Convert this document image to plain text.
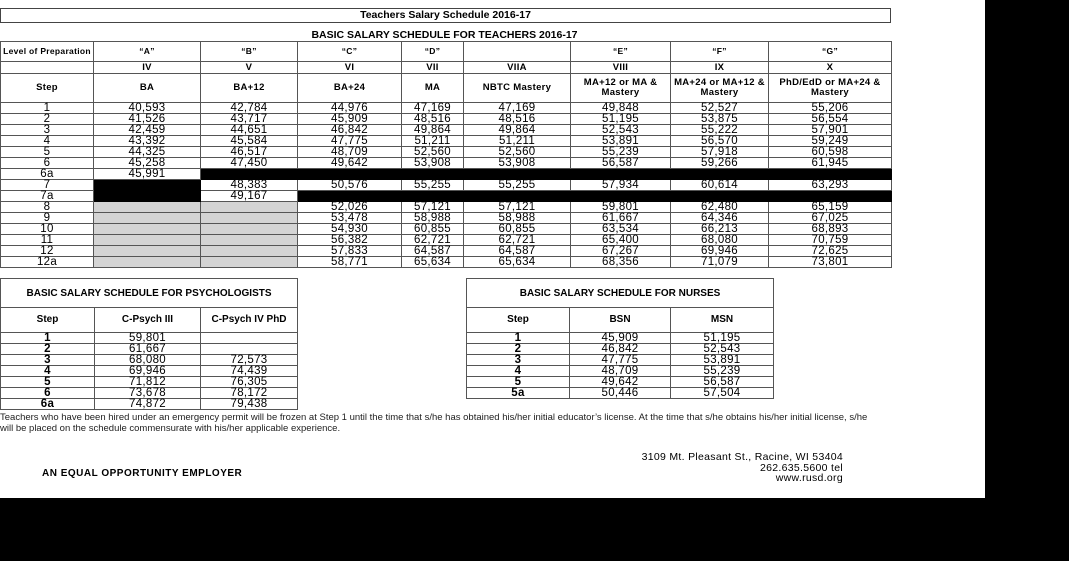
Teachers Salary Schedule 2016-17
BASIC SALARY SCHEDULE FOR TEACHERS 2016-17
Level of Preparation	“A”	“B”	“C”	“D”		“E”	“F”	“G”
	IV	V	VI	VII	VIIA	VIII	IX	X
Step	BA	BA+12	BA+24	MA	NBTC Mastery	MA+12 or MA & Mastery	MA+24 or MA+12 & Mastery	PhD/EdD or MA+24 & Mastery
1	40,593	42,784	44,976	47,169	47,169	49,848	52,527	55,206
2	41,526	43,717	45,909	48,516	48,516	51,195	53,875	56,554
3	42,459	44,651	46,842	49,864	49,864	52,543	55,222	57,901
4	43,392	45,584	47,775	51,211	51,211	53,891	56,570	59,249
5	44,325	46,517	48,709	52,560	52,560	55,239	57,918	60,598
6	45,258	47,450	49,642	53,908	53,908	56,587	59,266	61,945
6a	45,991							
7		48,383	50,576	55,255	55,255	57,934	60,614	63,293
7a		49,167						
8			52,026	57,121	57,121	59,801	62,480	65,159
9			53,478	58,988	58,988	61,667	64,346	67,025
10			54,930	60,855	60,855	63,534	66,213	68,893
11			56,382	62,721	62,721	65,400	68,080	70,759
12			57,833	64,587	64,587	67,267	69,946	72,625
12a			58,771	65,634	65,634	68,356	71,079	73,801
BASIC SALARY SCHEDULE FOR PSYCHOLOGISTS		
Step	C-Psych III	C-Psych IV PhD
1	59,801	
2	61,667	
3	68,080	72,573
4	69,946	74,439
5	71,812	76,305
6	73,678	78,172
6a	74,872	79,438
BASIC SALARY SCHEDULE FOR NURSES		
Step	BSN	MSN
1	45,909	51,195
2	46,842	52,543
3	47,775	53,891
4	48,709	55,239
5	49,642	56,587
5a	50,446	57,504
Teachers who have been hired under an emergency permit will be frozen at Step 1 until the time that s/he has obtained his/her initial educator’s license. At the time that s/he obtains his/her initial license, s/he will be placed on the schedule commensurate with his/her applicable experience.
AN EQUAL OPPORTUNITY EMPLOYER
3109 Mt. Pleasant St., Racine, WI 53404
262.635.5600 tel
www.rusd.org
